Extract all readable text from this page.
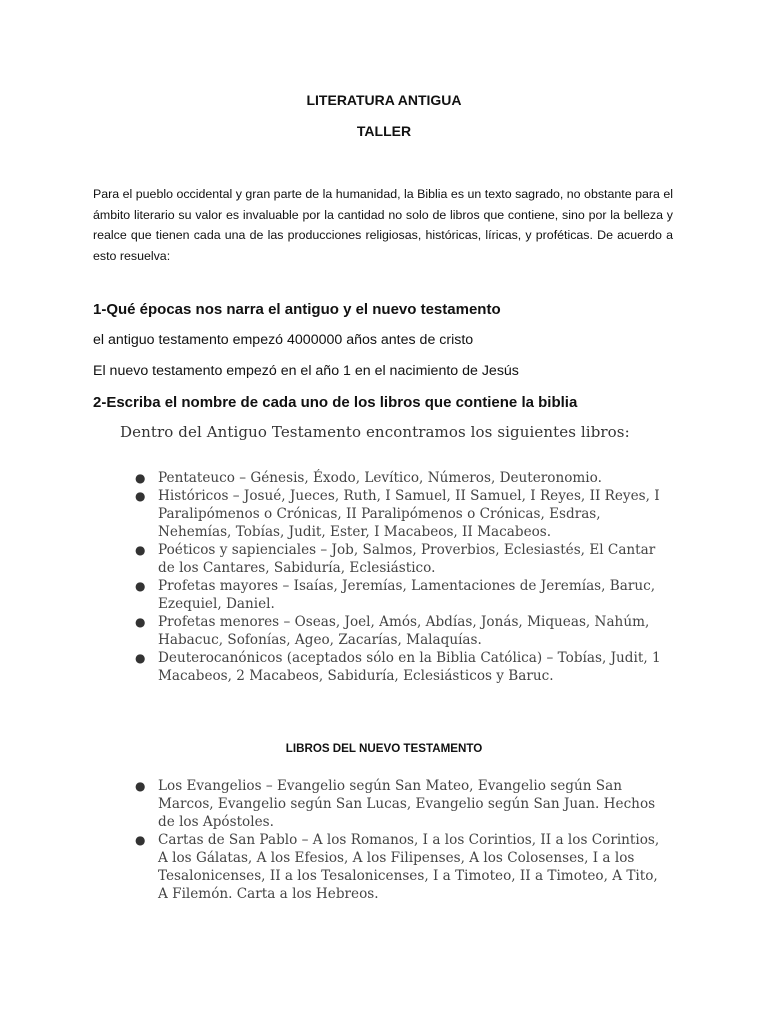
LITERATURA ANTIGUA
TALLER

Para el pueblo occidental y gran parte de la humanidad, la Biblia es un texto sagrado, no obstante para el ámbito literario su valor es invaluable por la cantidad no solo de libros que contiene, sino por la belleza y realce que tienen cada una de las producciones religiosas, históricas, líricas, y proféticas. De acuerdo a esto resuelva:

1-Qué épocas nos narra el antiguo y el nuevo testamento
el antiguo testamento empezó 4000000 años antes de cristo
El nuevo testamento empezó en el año 1 en el nacimiento de Jesús
2-Escriba el nombre de cada uno de los libros que contiene la biblia
Dentro del Antiguo Testamento encontramos los siguientes libros:
● Pentateuco – Génesis, Éxodo, Levítico, Números, Deuteronomio.
● Históricos – Josué, Jueces, Ruth, I Samuel, II Samuel, I Reyes, II Reyes, I Paralipómenos o Crónicas, II Paralipómenos o Crónicas, Esdras, Nehemías, Tobías, Judit, Ester, I Macabeos, II Macabeos.
● Poéticos y sapienciales – Job, Salmos, Proverbios, Eclesiastés, El Cantar de los Cantares, Sabiduría, Eclesiástico.
● Profetas mayores – Isaías, Jeremías, Lamentaciones de Jeremías, Baruc, Ezequiel, Daniel.
● Profetas menores – Oseas, Joel, Amós, Abdías, Jonás, Miqueas, Nahúm, Habacuc, Sofonías, Ageo, Zacarías, Malaquías.
● Deuterocanónicos (aceptados sólo en la Biblia Católica) – Tobías, Judit, 1 Macabeos, 2 Macabeos, Sabiduría, Eclesiásticos y Baruc.
LIBROS DEL NUEVO TESTAMENTO
● Los Evangelios – Evangelio según San Mateo, Evangelio según San Marcos, Evangelio según San Lucas, Evangelio según San Juan. Hechos de los Apóstoles.
● Cartas de San Pablo – A los Romanos, I a los Corintios, II a los Corintios, A los Gálatas, A los Efesios, A los Filipenses, A los Colosenses, I a los Tesalonicenses, II a los Tesalonicenses, I a Timoteo, II a Timoteo, A Tito, A Filemón. Carta a los Hebreos.
